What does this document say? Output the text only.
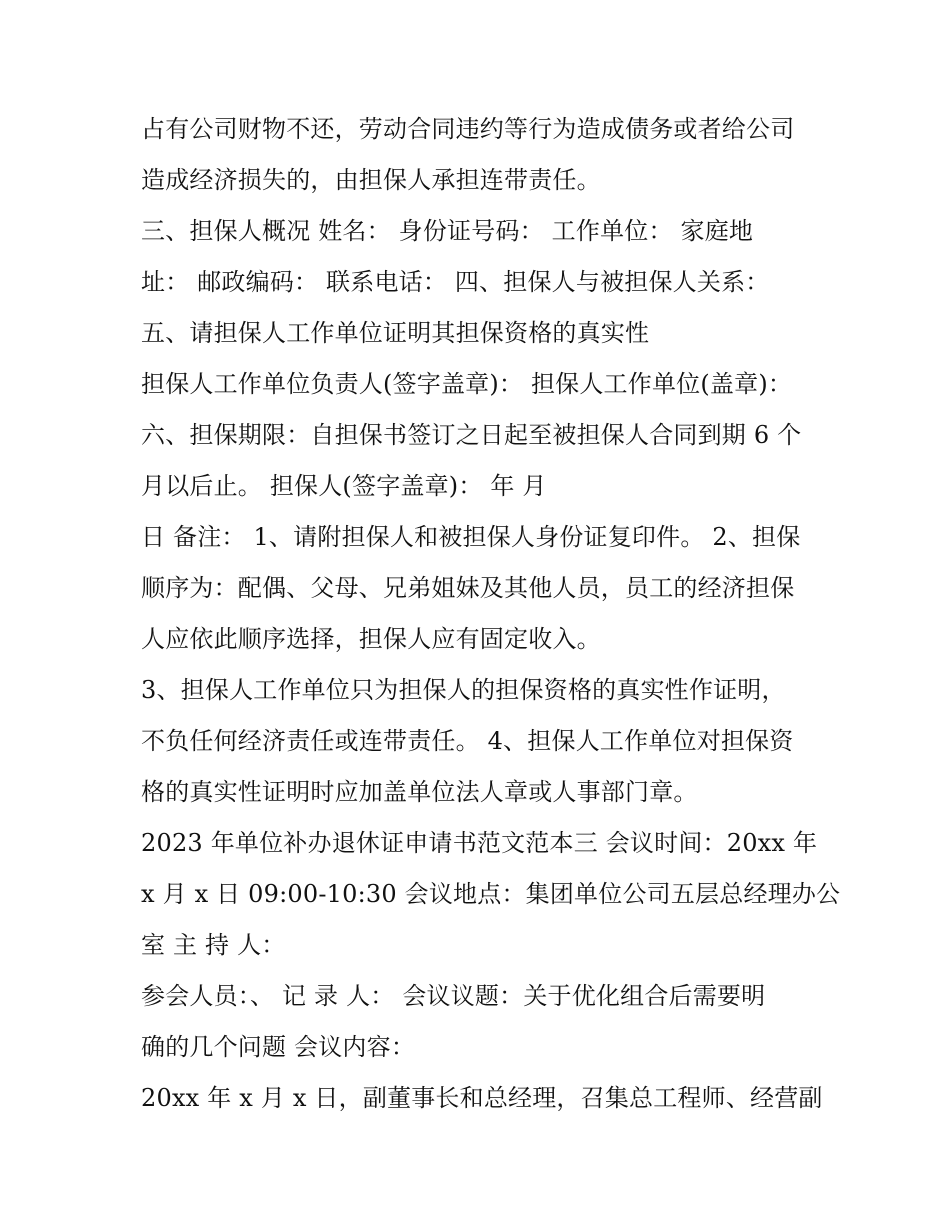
占有公司财物不还，劳动合同违约等行为造成债务或者给公司
造成经济损失的，由担保人承担连带责任。
三、担保人概况 姓名： 身份证号码： 工作单位： 家庭地
址： 邮政编码： 联系电话： 四、担保人与被担保人关系：
五、请担保人工作单位证明其担保资格的真实性
担保人工作单位负责人(签字盖章)： 担保人工作单位(盖章)：
六、担保期限：自担保书签订之日起至被担保人合同到期 6 个
月以后止。 担保人(签字盖章)： 年 月
日 备注： 1、请附担保人和被担保人身份证复印件。 2、担保
顺序为：配偶、父母、兄弟姐妹及其他人员，员工的经济担保
人应依此顺序选择，担保人应有固定收入。
3、担保人工作单位只为担保人的担保资格的真实性作证明，
不负任何经济责任或连带责任。 4、担保人工作单位对担保资
格的真实性证明时应加盖单位法人章或人事部门章。
2023 年单位补办退休证申请书范文范本三 会议时间：20xx 年
x 月 x 日 09:00-10:30 会议地点：集团单位公司五层总经理办公
室 主 持 人：
参会人员：、 记 录 人： 会议议题：关于优化组合后需要明
确的几个问题 会议内容：
20xx 年 x 月 x 日，副董事长和总经理，召集总工程师、经营副
